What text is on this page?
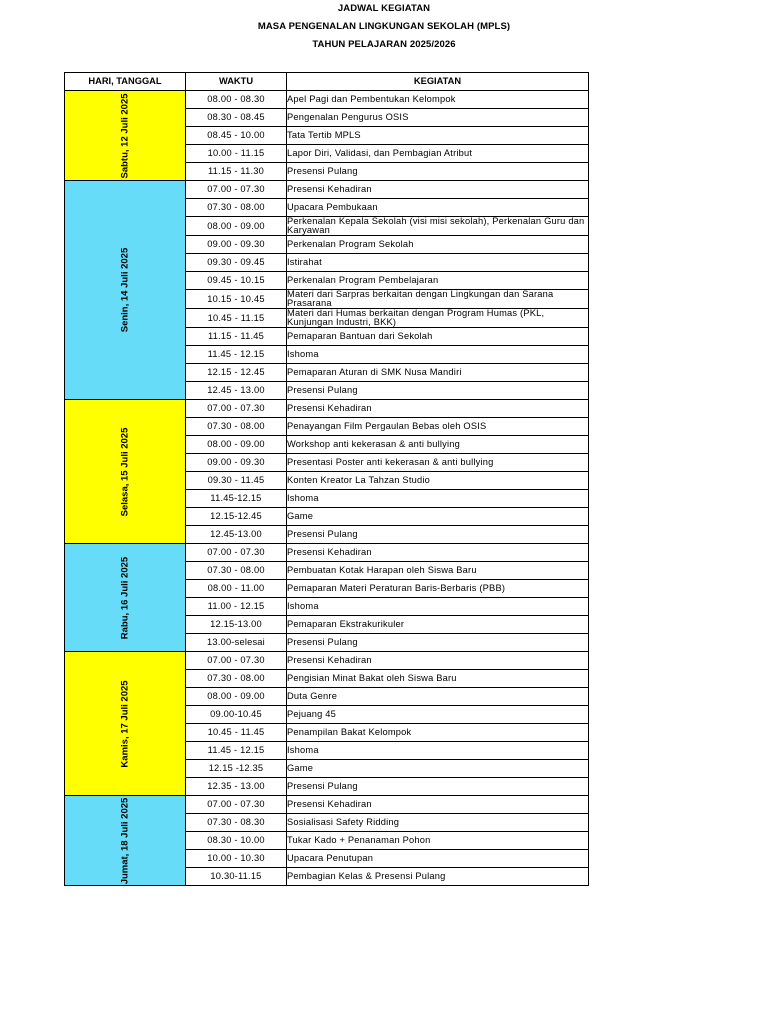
JADWAL KEGIATAN
MASA PENGENALAN LINGKUNGAN SEKOLAH (MPLS)
TAHUN PELAJARAN 2025/2026
HARI, TANGGAL	WAKTU	KEGIATAN

Sabtu, 12 Juli 2025	08.00 - 08.30	Apel Pagi dan Pembentukan Kelompok
	08.30 - 08.45	Pengenalan Pengurus OSIS
	08.45 - 10.00	Tata Tertib MPLS
	10.00 - 11.15	Lapor Diri, Validasi, dan Pembagian Atribut
	11.15 - 11.30	Presensi Pulang

Senin, 14 Juli 2025	07.00 - 07.30	Presensi Kehadiran
	07.30 - 08.00	Upacara Pembukaan
	08.00 - 09.00	Perkenalan Kepala Sekolah (visi misi sekolah), Perkenalan Guru dan Karyawan
	09.00 - 09.30	Perkenalan Program Sekolah
	09.30 - 09.45	Istirahat
	09.45 - 10.15	Perkenalan Program Pembelajaran
	10.15 - 10.45	Materi dari Sarpras berkaitan dengan Lingkungan dan Sarana Prasarana
	10.45 - 11.15	Materi dari Humas berkaitan dengan Program Humas (PKL, Kunjungan Industri, BKK)
	11.15 - 11.45	Pemaparan Bantuan dari Sekolah
	11.45 - 12.15	Ishoma
	12.15 - 12.45	Pemaparan Aturan di SMK Nusa Mandiri
	12.45 - 13.00	Presensi Pulang

Selasa, 15 Juli 2025	07.00 - 07.30	Presensi Kehadiran
	07.30 - 08.00	Penayangan Film Pergaulan Bebas oleh OSIS
	08.00 - 09.00	Workshop anti kekerasan & anti bullying
	09.00 - 09.30	Presentasi Poster anti kekerasan & anti bullying
	09.30 - 11.45	Konten Kreator La Tahzan Studio
	11.45-12.15	Ishoma
	12.15-12.45	Game
	12.45-13.00	Presensi Pulang

Rabu, 16 Juli 2025	07.00 - 07.30	Presensi Kehadiran
	07.30 - 08.00	Pembuatan Kotak Harapan oleh Siswa Baru
	08.00 - 11.00	Pemaparan Materi Peraturan Baris-Berbaris (PBB)
	11.00 - 12.15	Ishoma
	12.15-13.00	Pemaparan Ekstrakurikuler
	13.00-selesai	Presensi Pulang

Kamis, 17 Juli 2025	07.00 - 07.30	Presensi Kehadiran
	07.30 - 08.00	Pengisian Minat Bakat oleh Siswa Baru
	08.00 - 09.00	Duta Genre
	09.00-10.45	Pejuang 45
	10.45 - 11.45	Penampilan Bakat Kelompok
	11.45 - 12.15	Ishoma
	12.15 -12.35	Game
	12.35 - 13.00	Presensi Pulang

Jumat, 18 Juli 2025	07.00 - 07.30	Presensi Kehadiran
	07.30 - 08.30	Sosialisasi Safety Ridding
	08.30 - 10.00	Tukar Kado + Penanaman Pohon
	10.00 - 10.30	Upacara Penutupan
	10.30-11.15	Pembagian Kelas & Presensi Pulang
